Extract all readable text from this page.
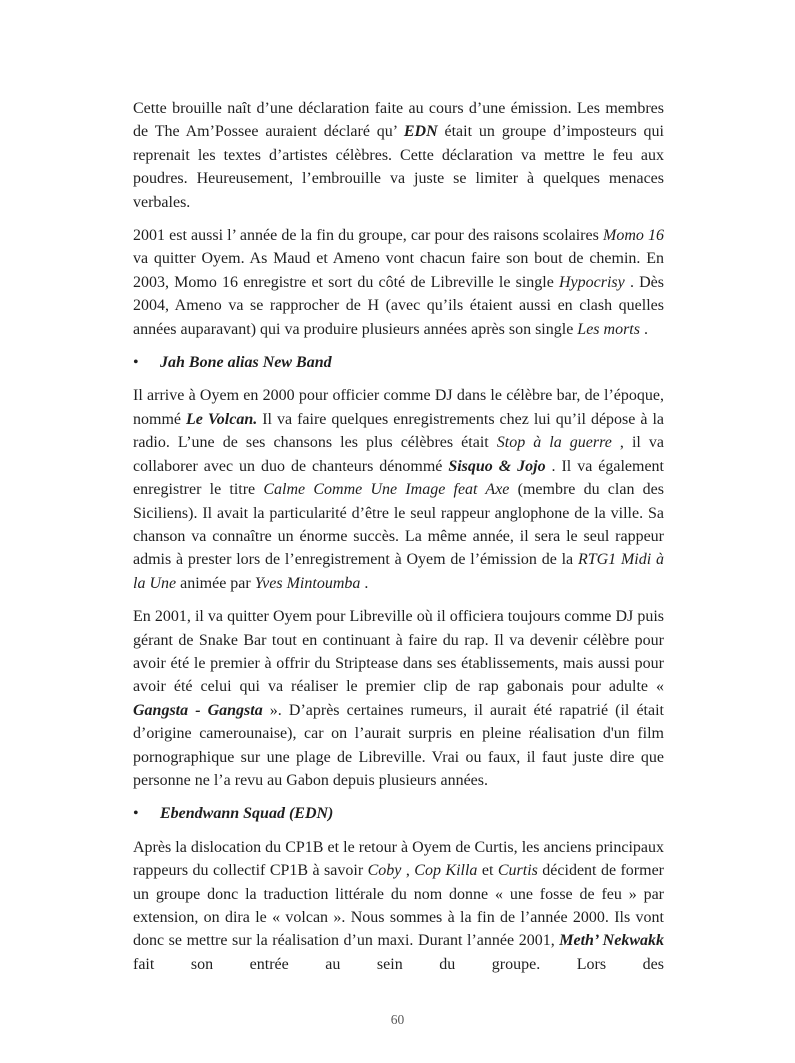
Cette brouille naît d’une déclaration faite au cours d’une émission. Les membres de The Am’Possee auraient déclaré qu’ EDN était un groupe d’imposteurs qui reprenait les textes d’artistes célèbres. Cette déclaration va mettre le feu aux poudres. Heureusement, l’embrouille va juste se limiter à quelques menaces verbales.

2001 est aussi l’ année de la fin du groupe, car pour des raisons scolaires Momo 16 va quitter Oyem. As Maud et Ameno vont chacun faire son bout de chemin. En 2003, Momo 16 enregistre et sort du côté de Libreville le single Hypocrisy . Dès 2004, Ameno va se rapprocher de H (avec qu’ils étaient aussi en clash quelles années auparavant) qui va produire plusieurs années après son single Les morts .

•	Jah Bone alias New Band

Il arrive à Oyem en 2000 pour officier comme DJ dans le célèbre bar, de l’époque, nommé Le Volcan. Il va faire quelques enregistrements chez lui qu’il dépose à la radio. L’une de ses chansons les plus célèbres était Stop à la guerre , il va collaborer avec un duo de chanteurs dénommé Sisquo & Jojo . Il va également enregistrer le titre Calme Comme Une Image feat Axe (membre du clan des Siciliens). Il avait la particularité d’être le seul rappeur anglophone de la ville. Sa chanson va connaître un énorme succès. La même année, il sera le seul rappeur admis à prester lors de l’enregistrement à Oyem de l’émission de la RTG1 Midi à la Une animée par Yves Mintoumba .

En 2001, il va quitter Oyem pour Libreville où il officiera toujours comme DJ puis gérant de Snake Bar tout en continuant à faire du rap. Il va devenir célèbre pour avoir été le premier à offrir du Striptease dans ses établissements, mais aussi pour avoir été celui qui va réaliser le premier clip de rap gabonais pour adulte « Gangsta - Gangsta ». D’après certaines rumeurs, il aurait été rapatrié (il était d’origine camerounaise), car on l’aurait surpris en pleine réalisation d'un film pornographique sur une plage de Libreville. Vrai ou faux, il faut juste dire que personne ne l’a revu au Gabon depuis plusieurs années.

•	Ebendwann Squad (EDN)

Après la dislocation du CP1B et le retour à Oyem de Curtis, les anciens principaux rappeurs du collectif CP1B à savoir Coby , Cop Killa et Curtis décident de former un groupe donc la traduction littérale du nom donne « une fosse de feu » par extension, on dira le « volcan ». Nous sommes à la fin de l’année 2000. Ils vont donc se mettre sur la réalisation d’un maxi. Durant l’année 2001, Meth’ Nekwakk fait son entrée au sein du groupe. Lors des

60
